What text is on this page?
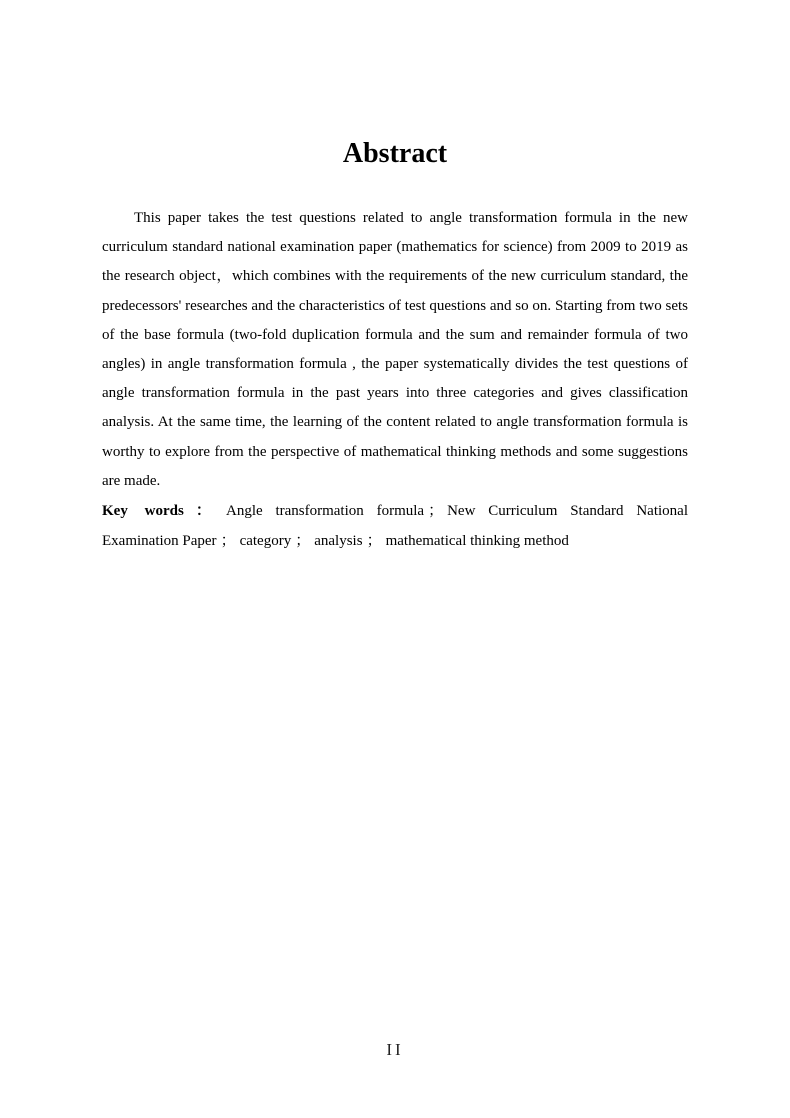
Abstract

This paper takes the test questions related to angle transformation formula in the new curriculum standard national examination paper (mathematics for science) from 2009 to 2019 as the research object，which combines with the requirements of the new curriculum standard, the predecessors' researches and the characteristics of test questions and so on. Starting from two sets of the base formula (two-fold duplication formula and the sum and remainder formula of two angles) in angle transformation formula , the paper systematically divides the test questions of angle transformation formula in the past years into three categories and gives classification analysis. At the same time, the learning of the content related to angle transformation formula is worthy to explore from the perspective of mathematical thinking methods and some suggestions are made.

Key words ： Angle transformation formula ； New Curriculum Standard National Examination Paper ； category ； analysis ； mathematical thinking method

II
